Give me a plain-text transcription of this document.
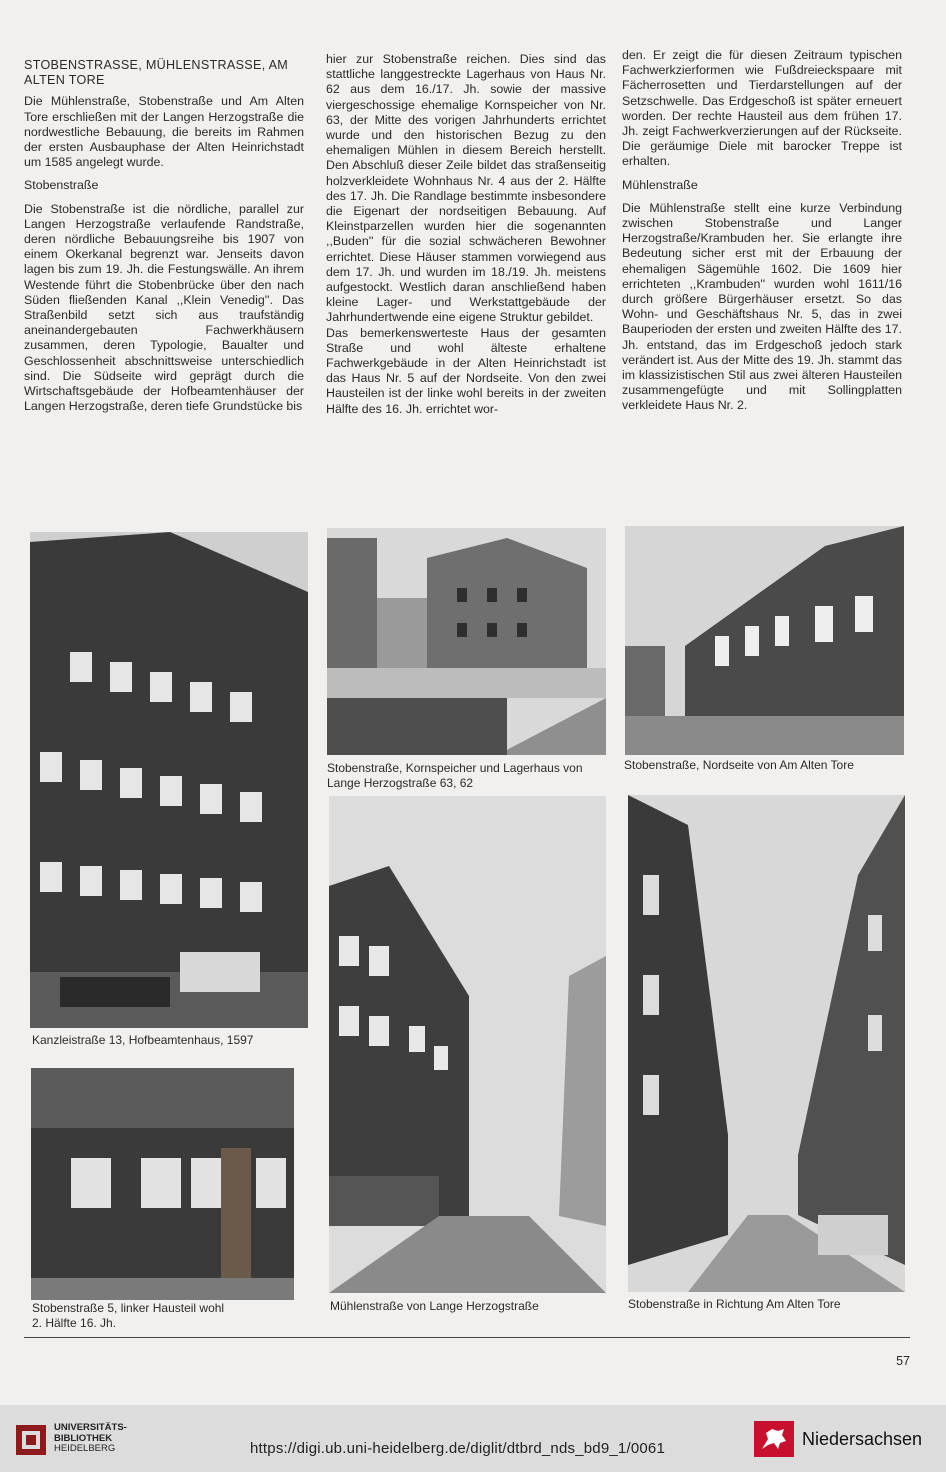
STOBENSTRASSE, MÜHLENSTRASSE, AM ALTEN TORE

Die Mühlenstraße, Stobenstraße und Am Alten Tore erschließen mit der Langen Herzogstraße die nordwestliche Bebauung, die bereits im Rahmen der ersten Ausbauphase der Alten Heinrichstadt um 1585 angelegt wurde.

Stobenstraße

Die Stobenstraße ist die nördliche, parallel zur Langen Herzogstraße verlaufende Randstraße, deren nördliche Bebauungsreihe bis 1907 von einem Okerkanal begrenzt war. Jenseits davon lagen bis zum 19. Jh. die Festungswälle. An ihrem Westende führt die Stobenbrücke über den nach Süden fließenden Kanal ,,Klein Venedig''. Das Straßenbild setzt sich aus traufständig aneinandergebauten Fachwerkhäusern zusammen, deren Typologie, Baualter und Geschlossenheit abschnittsweise unterschiedlich sind. Die Südseite wird geprägt durch die Wirtschaftsgebäude der Hofbeamtenhäuser der Langen Herzogstraße, deren tiefe Grundstücke bis

hier zur Stobenstraße reichen. Dies sind das stattliche langgestreckte Lagerhaus von Haus Nr. 62 aus dem 16./17. Jh. sowie der massive viergeschossige ehemalige Kornspeicher von Nr. 63, der Mitte des vorigen Jahrhunderts errichtet wurde und den historischen Bezug zu den ehemaligen Mühlen in diesem Bereich herstellt. Den Abschluß dieser Zeile bildet das straßenseitig holzverkleidete Wohnhaus Nr. 4 aus der 2. Hälfte des 17. Jh. Die Randlage bestimmte insbesondere die Eigenart der nordseitigen Bebauung. Auf Kleinstparzellen wurden hier die sogenannten ,,Buden'' für die sozial schwächeren Bewohner errichtet. Diese Häuser stammen vorwiegend aus dem 17. Jh. und wurden im 18./19. Jh. meistens aufgestockt. Westlich daran anschließend haben kleine Lager- und Werkstattgebäude der Jahrhundertwende eine eigene Struktur gebildet.

Das bemerkenswerteste Haus der gesamten Straße und wohl älteste erhaltene Fachwerkgebäude in der Alten Heinrichstadt ist das Haus Nr. 5 auf der Nordseite. Von den zwei Hausteilen ist der linke wohl bereits in der zweiten Hälfte des 16. Jh. errichtet wor-

den. Er zeigt die für diesen Zeitraum typischen Fachwerkzierformen wie Fußdreieckspaare mit Fächerrosetten und Tierdarstellungen auf der Setzschwelle. Das Erdgeschoß ist später erneuert worden. Der rechte Hausteil aus dem frühen 17. Jh. zeigt Fachwerkverzierungen auf der Rückseite. Die geräumige Diele mit barocker Treppe ist erhalten.

Mühlenstraße

Die Mühlenstraße stellt eine kurze Verbindung zwischen Stobenstraße und Langer Herzogstraße/Krambuden her. Sie erlangte ihre Bedeutung sicher erst mit der Erbauung der ehemaligen Sägemühle 1602. Die 1609 hier errichteten ,,Krambuden'' wurden wohl 1611/16 durch größere Bürgerhäuser ersetzt. So das Wohn- und Geschäftshaus Nr. 5, das in zwei Bauperioden der ersten und zweiten Hälfte des 17. Jh. entstand, das im Erdgeschoß jedoch stark verändert ist. Aus der Mitte des 19. Jh. stammt das im klassizistischen Stil aus zwei älteren Hausteilen zusammengefügte und mit Sollingplatten verkleidete Haus Nr. 2.

Kanzleistraße 13, Hofbeamtenhaus, 1597
Stobenstraße, Kornspeicher und Lagerhaus von Lange Herzogstraße 63, 62
Stobenstraße, Nordseite von Am Alten Tore
Stobenstraße 5, linker Hausteil wohl 2. Hälfte 16. Jh.
Mühlenstraße von Lange Herzogstraße	Stobenstraße in Richtung Am Alten Tore
57
UNIVERSITÄTS-
BIBLIOTHEK
HEIDELBERG	https://digi.ub.uni-heidelberg.de/diglit/dtbrd_nds_bd9_1/0061	Niedersachsen
